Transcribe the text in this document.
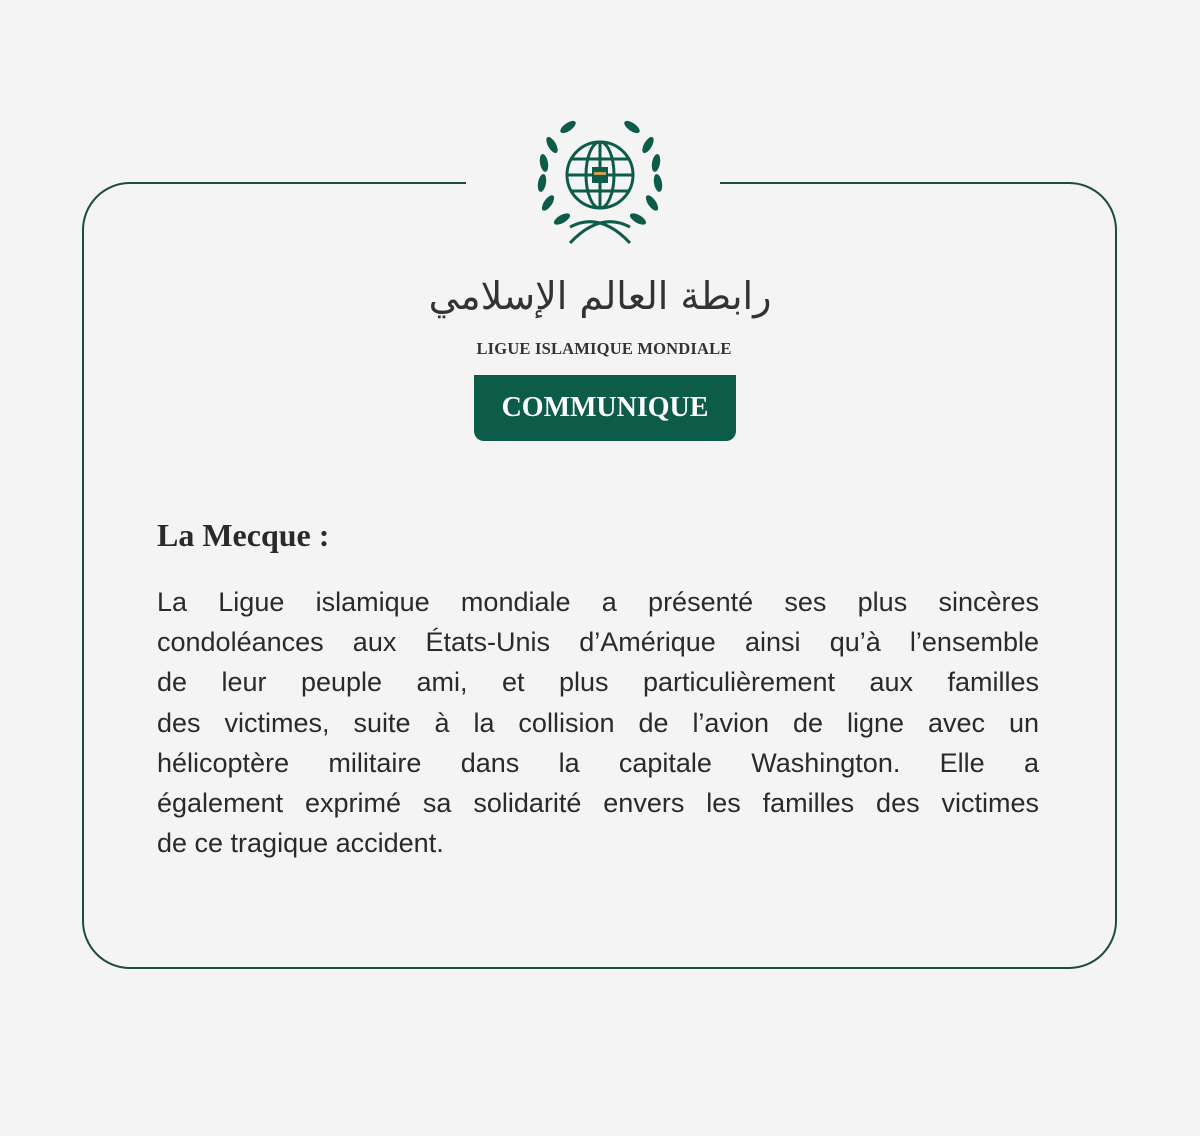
رابطة العالم الإسلامي
LIGUE ISLAMIQUE MONDIALE
COMMUNIQUE
La Mecque :
La Ligue islamique mondiale a présenté ses plus sincères
condoléances aux États-Unis d’Amérique ainsi qu’à l’ensemble
de leur peuple ami, et plus particulièrement aux familles
des victimes, suite à la collision de l’avion de ligne avec un
hélicoptère militaire dans la capitale Washington. Elle a
également exprimé sa solidarité envers les familles des victimes
de ce tragique accident.
